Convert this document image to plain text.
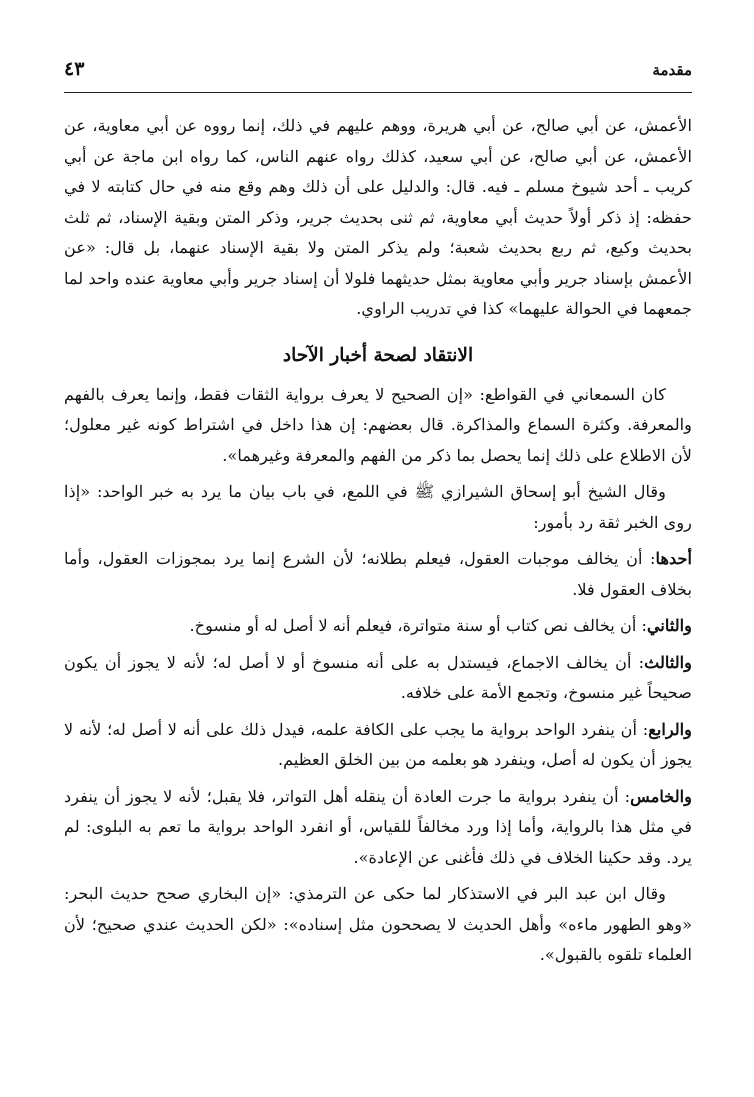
مقدمة
٤٣

الأعمش، عن أبي صالح، عن أبي هريرة، ووهم عليهم في ذلك، إنما رووه عن أبي معاوية، عن الأعمش، عن أبي صالح، عن أبي سعيد، كذلك رواه عنهم الناس، كما رواه ابن ماجة عن أبي كريب ـ أحد شيوخ مسلم ـ فيه. قال: والدليل على أن ذلك وهم وقع منه في حال كتابته لا في حفظه: إذ ذكر أولاً حديث أبي معاوية، ثم ثنى بحديث جرير، وذكر المتن وبقية الإسناد، ثم ثلث بحديث وكيع، ثم ربع بحديث شعبة؛ ولم يذكر المتن ولا بقية الإسناد عنهما، بل قال: «عن الأعمش بإسناد جرير وأبي معاوية بمثل حديثهما فلولا أن إسناد جرير وأبي معاوية عنده واحد لما جمعهما في الحوالة عليهما» كذا في تدريب الراوي.

الانتقاد لصحة أخبار الآحاد

كان السمعاني في القواطع: «إن الصحيح لا يعرف برواية الثقات فقط، وإنما يعرف بالفهم والمعرفة. وكثرة السماع والمذاكرة. قال بعضهم: إن هذا داخل في اشتراط كونه غير معلول؛ لأن الاطلاع على ذلك إنما يحصل بما ذكر من الفهم والمعرفة وغيرهما».

وقال الشيخ أبو إسحاق الشيرازي ﷺ في اللمع، في باب بيان ما يرد به خبر الواحد: «إذا روى الخبر ثقة رد بأمور:

أحدها: أن يخالف موجبات العقول، فيعلم بطلانه؛ لأن الشرع إنما يرد بمجوزات العقول، وأما بخلاف العقول فلا.

والثاني: أن يخالف نص كتاب أو سنة متواترة، فيعلم أنه لا أصل له أو منسوخ.

والثالث: أن يخالف الاجماع، فيستدل به على أنه منسوخ أو لا أصل له؛ لأنه لا يجوز أن يكون صحيحاً غير منسوخ، وتجمع الأمة على خلافه.

والرابع: أن ينفرد الواحد برواية ما يجب على الكافة علمه، فيدل ذلك على أنه لا أصل له؛ لأنه لا يجوز أن يكون له أصل، وينفرد هو بعلمه من بين الخلق العظيم.

والخامس: أن ينفرد برواية ما جرت العادة أن ينقله أهل التواتر، فلا يقبل؛ لأنه لا يجوز أن ينفرد في مثل هذا بالرواية، وأما إذا ورد مخالفاً للقياس، أو انفرد الواحد برواية ما تعم به البلوى: لم يرد. وقد حكينا الخلاف في ذلك فأغنى عن الإعادة».

وقال ابن عبد البر في الاستذكار لما حكى عن الترمذي: «إن البخاري صحح حديث البحر: «وهو الطهور ماءه» وأهل الحديث لا يصححون مثل إسناده»: «لكن الحديث عندي صحيح؛ لأن العلماء تلقوه بالقبول».
